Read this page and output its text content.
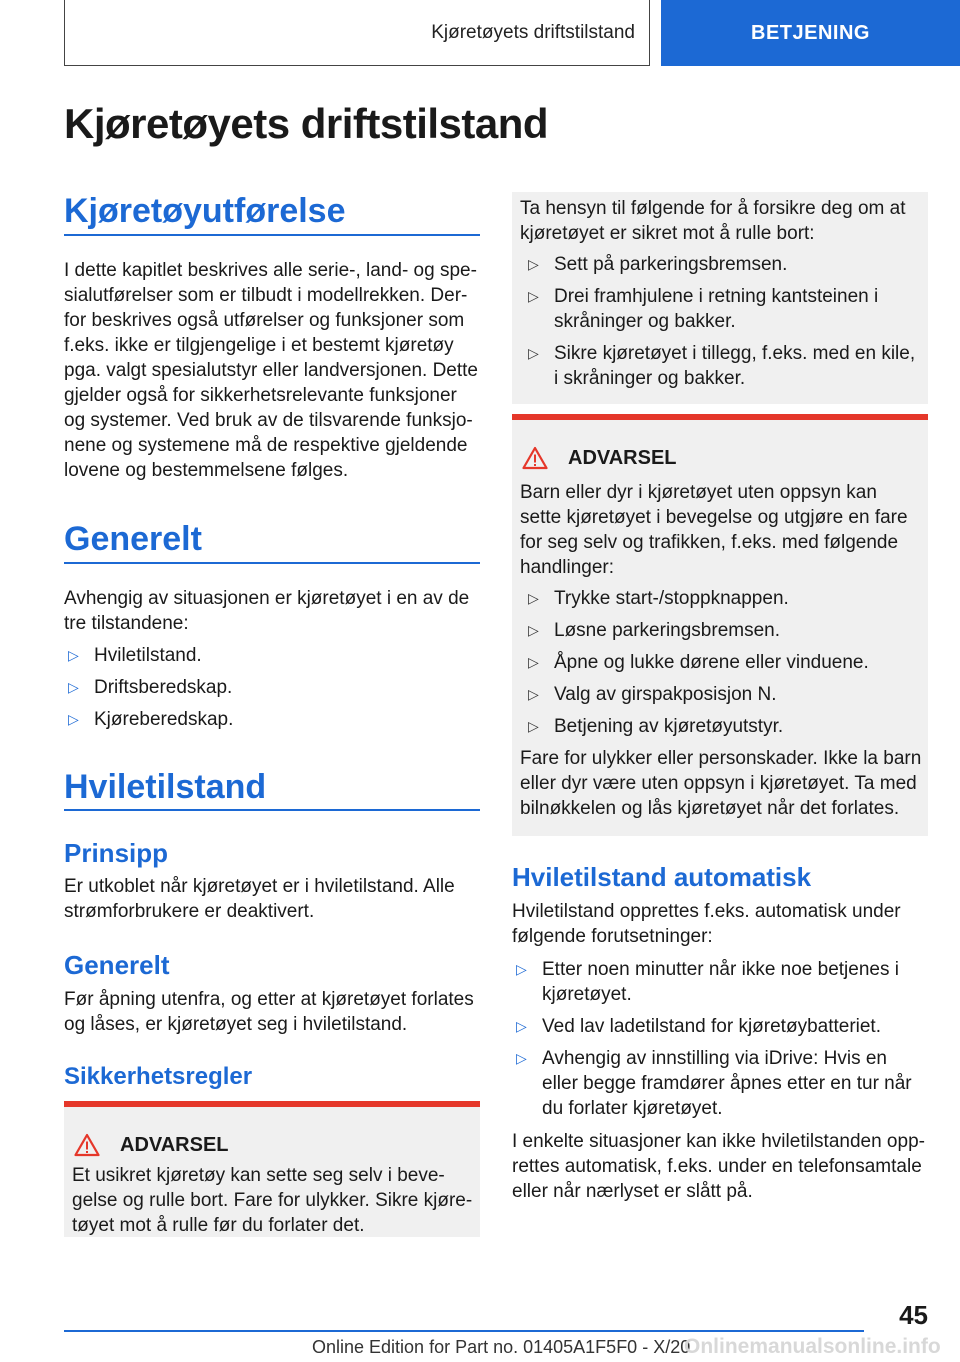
Kjøretøyets driftstilstand	BETJENING
Kjøretøyets driftstilstand
Kjøretøyutførelse
I dette kapitlet beskrives alle serie-, land- og spe-
sialutførelser som er tilbudt i modellrekken. Der-
for beskrives også utførelser og funksjoner som
f.eks. ikke er tilgjengelige i et bestemt kjøretøy
pga. valgt spesialutstyr eller landversjonen. Dette
gjelder også for sikkerhetsrelevante funksjoner
og systemer. Ved bruk av de tilsvarende funksjo-
nene og systemene må de respektive gjeldende
lovene og bestemmelsene følges.
Generelt
Avhengig av situasjonen er kjøretøyet i en av de
tre tilstandene:
▷ Hviletilstand.
▷ Driftsberedskap.
▷ Kjøreberedskap.
Hviletilstand
Prinsipp
Er utkoblet når kjøretøyet er i hviletilstand. Alle
strømforbrukere er deaktivert.
Generelt
Før åpning utenfra, og etter at kjøretøyet forlates
og låses, er kjøretøyet seg i hviletilstand.
Sikkerhetsregler
ADVARSEL
Et usikret kjøretøy kan sette seg selv i beve-
gelse og rulle bort. Fare for ulykker. Sikre kjøre-
tøyet mot å rulle før du forlater det.
Ta hensyn til følgende for å forsikre deg om at
kjøretøyet er sikret mot å rulle bort:
▷ Sett på parkeringsbremsen.
▷ Drei framhjulene i retning kantsteinen i skråninger og bakker.
▷ Sikre kjøretøyet i tillegg, f.eks. med en kile, i skråninger og bakker.
ADVARSEL
Barn eller dyr i kjøretøyet uten oppsyn kan
sette kjøretøyet i bevegelse og utgjøre en fare
for seg selv og trafikken, f.eks. med følgende
handlinger:
▷ Trykke start-/stoppknappen.
▷ Løsne parkeringsbremsen.
▷ Åpne og lukke dørene eller vinduene.
▷ Valg av girspakposisjon N.
▷ Betjening av kjøretøyutstyr.
Fare for ulykker eller personskader. Ikke la barn
eller dyr være uten oppsyn i kjøretøyet. Ta med
bilnøkkelen og lås kjøretøyet når det forlates.
Hviletilstand automatisk
Hviletilstand opprettes f.eks. automatisk under
følgende forutsetninger:
▷ Etter noen minutter når ikke noe betjenes i kjøretøyet.
▷ Ved lav ladetilstand for kjøretøybatteriet.
▷ Avhengig av innstilling via iDrive: Hvis en eller begge framdører åpnes etter en tur når du forlater kjøretøyet.
I enkelte situasjoner kan ikke hviletilstanden opp-
rettes automatisk, f.eks. under en telefonsamtale
eller når nærlyset er slått på.
45
Online Edition for Part no. 01405A1F5F0 - X/20
Onlinemanualsonline.info
